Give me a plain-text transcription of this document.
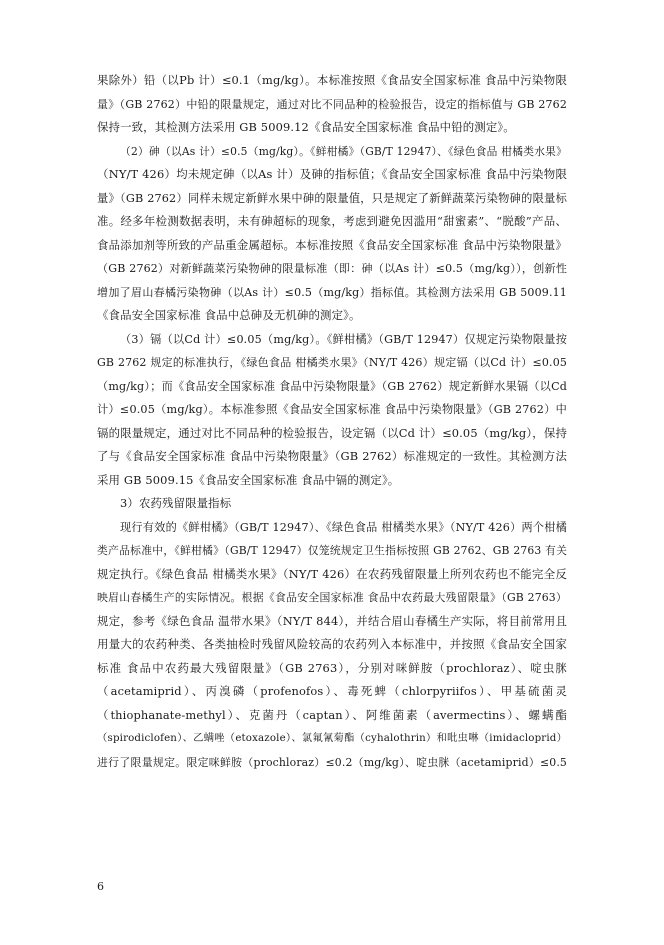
果除外）铅（以Pb 计）≤0.1（mg/kg）。本标准按照《食品安全国家标准 食品中污染物限
量》（GB 2762）中铅的限量规定，通过对比不同品种的检验报告，设定的指标值与 GB 2762
保持一致，其检测方法采用 GB 5009.12《食品安全国家标准 食品中铅的测定》。
（2）砷（以As 计）≤0.5（mg/kg）。《鲜柑橘》（GB/T 12947）、《绿色食品 柑橘类水果》
（NY/T 426）均未规定砷（以As 计）及砷的指标值；《食品安全国家标准 食品中污染物限
量》（GB 2762）同样未规定新鲜水果中砷的限量值，只是规定了新鲜蔬菜污染物砷的限量标
准。经多年检测数据表明，未有砷超标的现象，考虑到避免因滥用“甜蜜素”、“脱酸”产品、
食品添加剂等所致的产品重金属超标。本标准按照《食品安全国家标准 食品中污染物限量》
（GB 2762）对新鲜蔬菜污染物砷的限量标准（即：砷（以As 计）≤0.5（mg/kg）），创新性
增加了眉山春橘污染物砷（以As 计）≤0.5（mg/kg）指标值。其检测方法采用 GB 5009.11
《食品安全国家标准 食品中总砷及无机砷的测定》。
（3）镉（以Cd 计）≤0.05（mg/kg）。《鲜柑橘》（GB/T 12947）仅规定污染物限量按
GB 2762 规定的标准执行，《绿色食品 柑橘类水果》（NY/T 426）规定镉（以Cd 计）≤0.05
（mg/kg）；而《食品安全国家标准 食品中污染物限量》（GB 2762）规定新鲜水果镉（以Cd
计）≤0.05（mg/kg）。本标准参照《食品安全国家标准 食品中污染物限量》（GB 2762）中
镉的限量规定，通过对比不同品种的检验报告，设定镉（以Cd 计）≤0.05（mg/kg），保持
了与《食品安全国家标准 食品中污染物限量》（GB 2762）标准规定的一致性。其检测方法
采用 GB 5009.15《食品安全国家标准 食品中镉的测定》。
3）农药残留限量指标
现行有效的《鲜柑橘》（GB/T 12947）、《绿色食品 柑橘类水果》（NY/T 426）两个柑橘
类产品标准中，《鲜柑橘》（GB/T 12947）仅笼统规定卫生指标按照 GB 2762、GB 2763 有关
规定执行。《绿色食品 柑橘类水果》（NY/T 426）在农药残留限量上所列农药也不能完全反
映眉山春橘生产的实际情况。根据《食品安全国家标准 食品中农药最大残留限量》（GB 2763）
规定，参考《绿色食品 温带水果》（NY/T 844），并结合眉山春橘生产实际，将目前常用且
用量大的农药种类、各类抽检时残留风险较高的农药列入本标准中，并按照《食品安全国家
标准 食品中农药最大残留限量》（GB 2763），分别对咪鲜胺（prochloraz）、啶虫脒
（acetamiprid）、丙溴磷（profenofos）、毒死蜱（chlorpyriifos）、甲基硫菌灵
（thiophanate-methyl）、克菌丹（captan）、阿维菌素（avermectins）、螺螨酯
（spirodiclofen）、乙螨唑（etoxazole）、氯氟氰菊酯（cyhalothrin）和吡虫啉（imidacloprid）
进行了限量规定。限定咪鲜胺（prochloraz）≤0.2（mg/kg）、啶虫脒（acetamiprid）≤0.5
6
